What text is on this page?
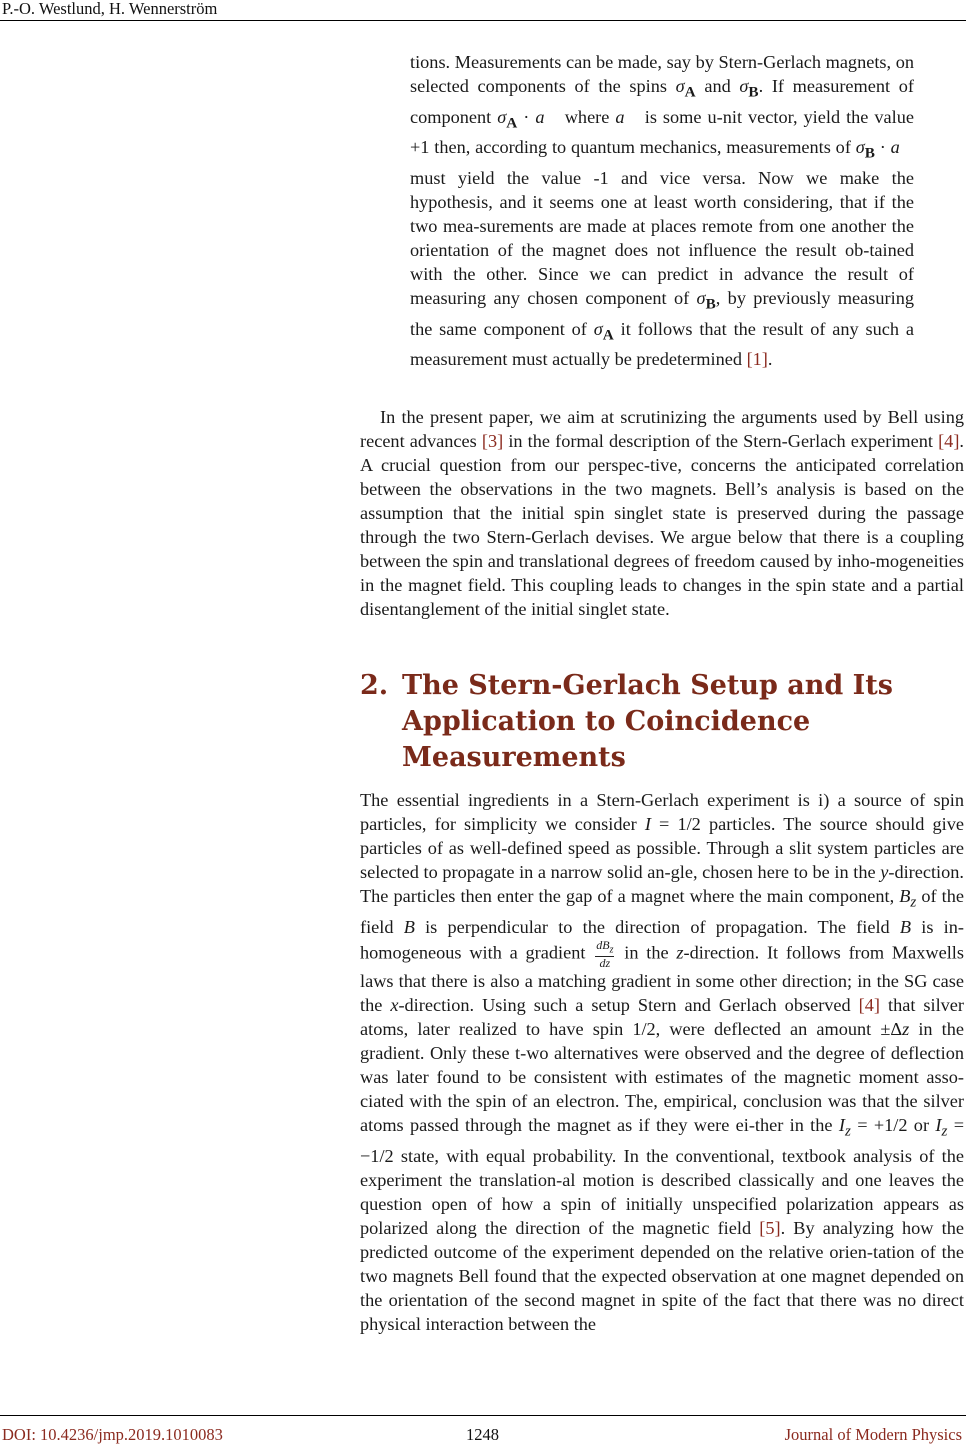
P.-O. Westlund, H. Wennerström
tions. Measurements can be made, say by Stern-Gerlach magnets, on selected components of the spins $\sigma_A$ and $\sigma_B$. If measurement of component $\sigma_A$ · a⃗ where a⃗ is some u-nit vector, yield the value +1 then, according to quantum mechanics, measurements of $\sigma_B$ · a⃗ must yield the value -1 and vice versa. Now we make the hypothesis, and it seems one at least worth considering, that if the two mea-surements are made at places remote from one another the orientation of the magnet does not influence the result ob-tained with the other. Since we can predict in advance the result of measuring any chosen component of $\sigma_B$, by previously measuring the same component of $\sigma_A$ it follows that the result of any such a measurement must actually be predetermined [1].

In the present paper, we aim at scrutinizing the arguments used by Bell using recent advances [3] in the formal description of the Stern-Gerlach experiment [4]. A crucial question from our perspec-tive, concerns the anticipated correlation between the observations in the two magnets. Bell’s analysis is based on the assumption that the initial spin singlet state is preserved during the passage through the two Stern-Gerlach devises. We argue below that there is a coupling between the spin and translational degrees of freedom caused by inho-mogeneities in the magnet field. This coupling leads to changes in the spin state and a partial disentanglement of the initial singlet state.

2. The Stern-Gerlach Setup and Its Application to Coincidence Measurements

The essential ingredients in a Stern-Gerlach experiment is i) a source of spin particles, for simplicity we consider I = 1/2 particles. The source should give particles of as well-defined speed as possible. Through a slit system particles are selected to propagate in a narrow solid an-gle, chosen here to be in the y-direction. The particles then enter the gap of a magnet where the main component, $B_z$ of the field B is perpendicular to the direction of propagation. The field B is in-homogeneous with a gradient $\frac{dB_z}{dz}$ in the z-direction. It follows from Maxwells laws that there is also a matching gradient in some other direction; in the SG case the x-direction. Using such a setup Stern and Gerlach observed [4] that silver atoms, later realized to have spin 1/2, were deflected an amount ±Δz in the gradient. Only these t-wo alternatives were observed and the degree of deflection was later found to be consistent with estimates of the magnetic moment asso-ciated with the spin of an electron. The, empirical, conclusion was that the silver atoms passed through the magnet as if they were ei-ther in the $I_z = +1/2$ or $I_z = -1/2$ state, with equal probability. In the conventional, textbook analysis of the experiment the translation-al motion is described classically and one leaves the question open of how a spin of initially unspecified polarization appears as polarized along the direction of the magnetic field [5]. By analyzing how the predicted outcome of the experiment depended on the relative orien-tation of the two magnets Bell found that the expected observation at one magnet depended on the orientation of the second magnet in spite of the fact that there was no direct physical interaction between the

DOI: 10.4236/jmp.2019.1010083	1248	Journal of Modern Physics
